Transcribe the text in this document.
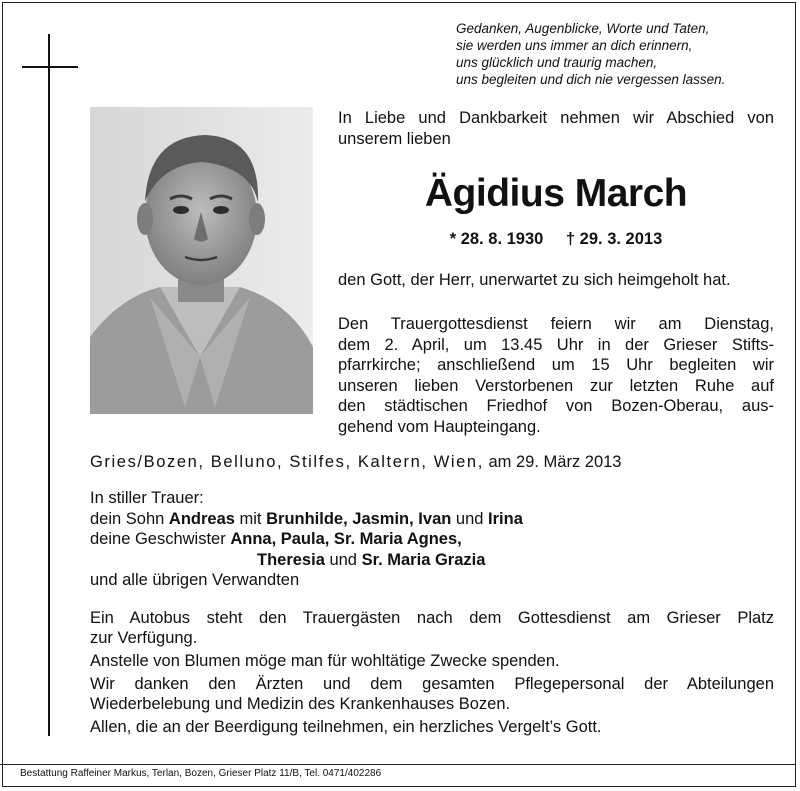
Gedanken, Augenblicke, Worte und Taten,
sie werden uns immer an dich erinnern,
uns glücklich und traurig machen,
uns begleiten und dich nie vergessen lassen.
In Liebe und Dankbarkeit nehmen wir Abschied von unserem lieben
Ägidius March
* 28. 8. 1930 † 29. 3. 2013
den Gott, der Herr, unerwartet zu sich heimgeholt hat.
Den Trauergottesdienst feiern wir am Dienstag,
dem 2. April, um 13.45 Uhr in der Grieser Stifts-
pfarrkirche; anschließend um 15 Uhr begleiten wir
unseren lieben Verstorbenen zur letzten Ruhe auf
den städtischen Friedhof von Bozen-Oberau, aus-
gehend vom Haupteingang.
Gries/Bozen, Belluno, Stilfes, Kaltern, Wien, am 29. März 2013
In stiller Trauer:
dein Sohn Andreas mit Brunhilde, Jasmin, Ivan und Irina
deine Geschwister Anna, Paula, Sr. Maria Agnes,
Theresia und Sr. Maria Grazia
und alle übrigen Verwandten
Ein Autobus steht den Trauergästen nach dem Gottesdienst am Grieser Platz
zur Verfügung.
Anstelle von Blumen möge man für wohltätige Zwecke spenden.
Wir danken den Ärzten und dem gesamten Pflegepersonal der Abteilungen
Wiederbelebung und Medizin des Krankenhauses Bozen.
Allen, die an der Beerdigung teilnehmen, ein herzliches Vergelt’s Gott.
Bestattung Raffeiner Markus, Terlan, Bozen, Grieser Platz 11/B, Tel. 0471/402286
